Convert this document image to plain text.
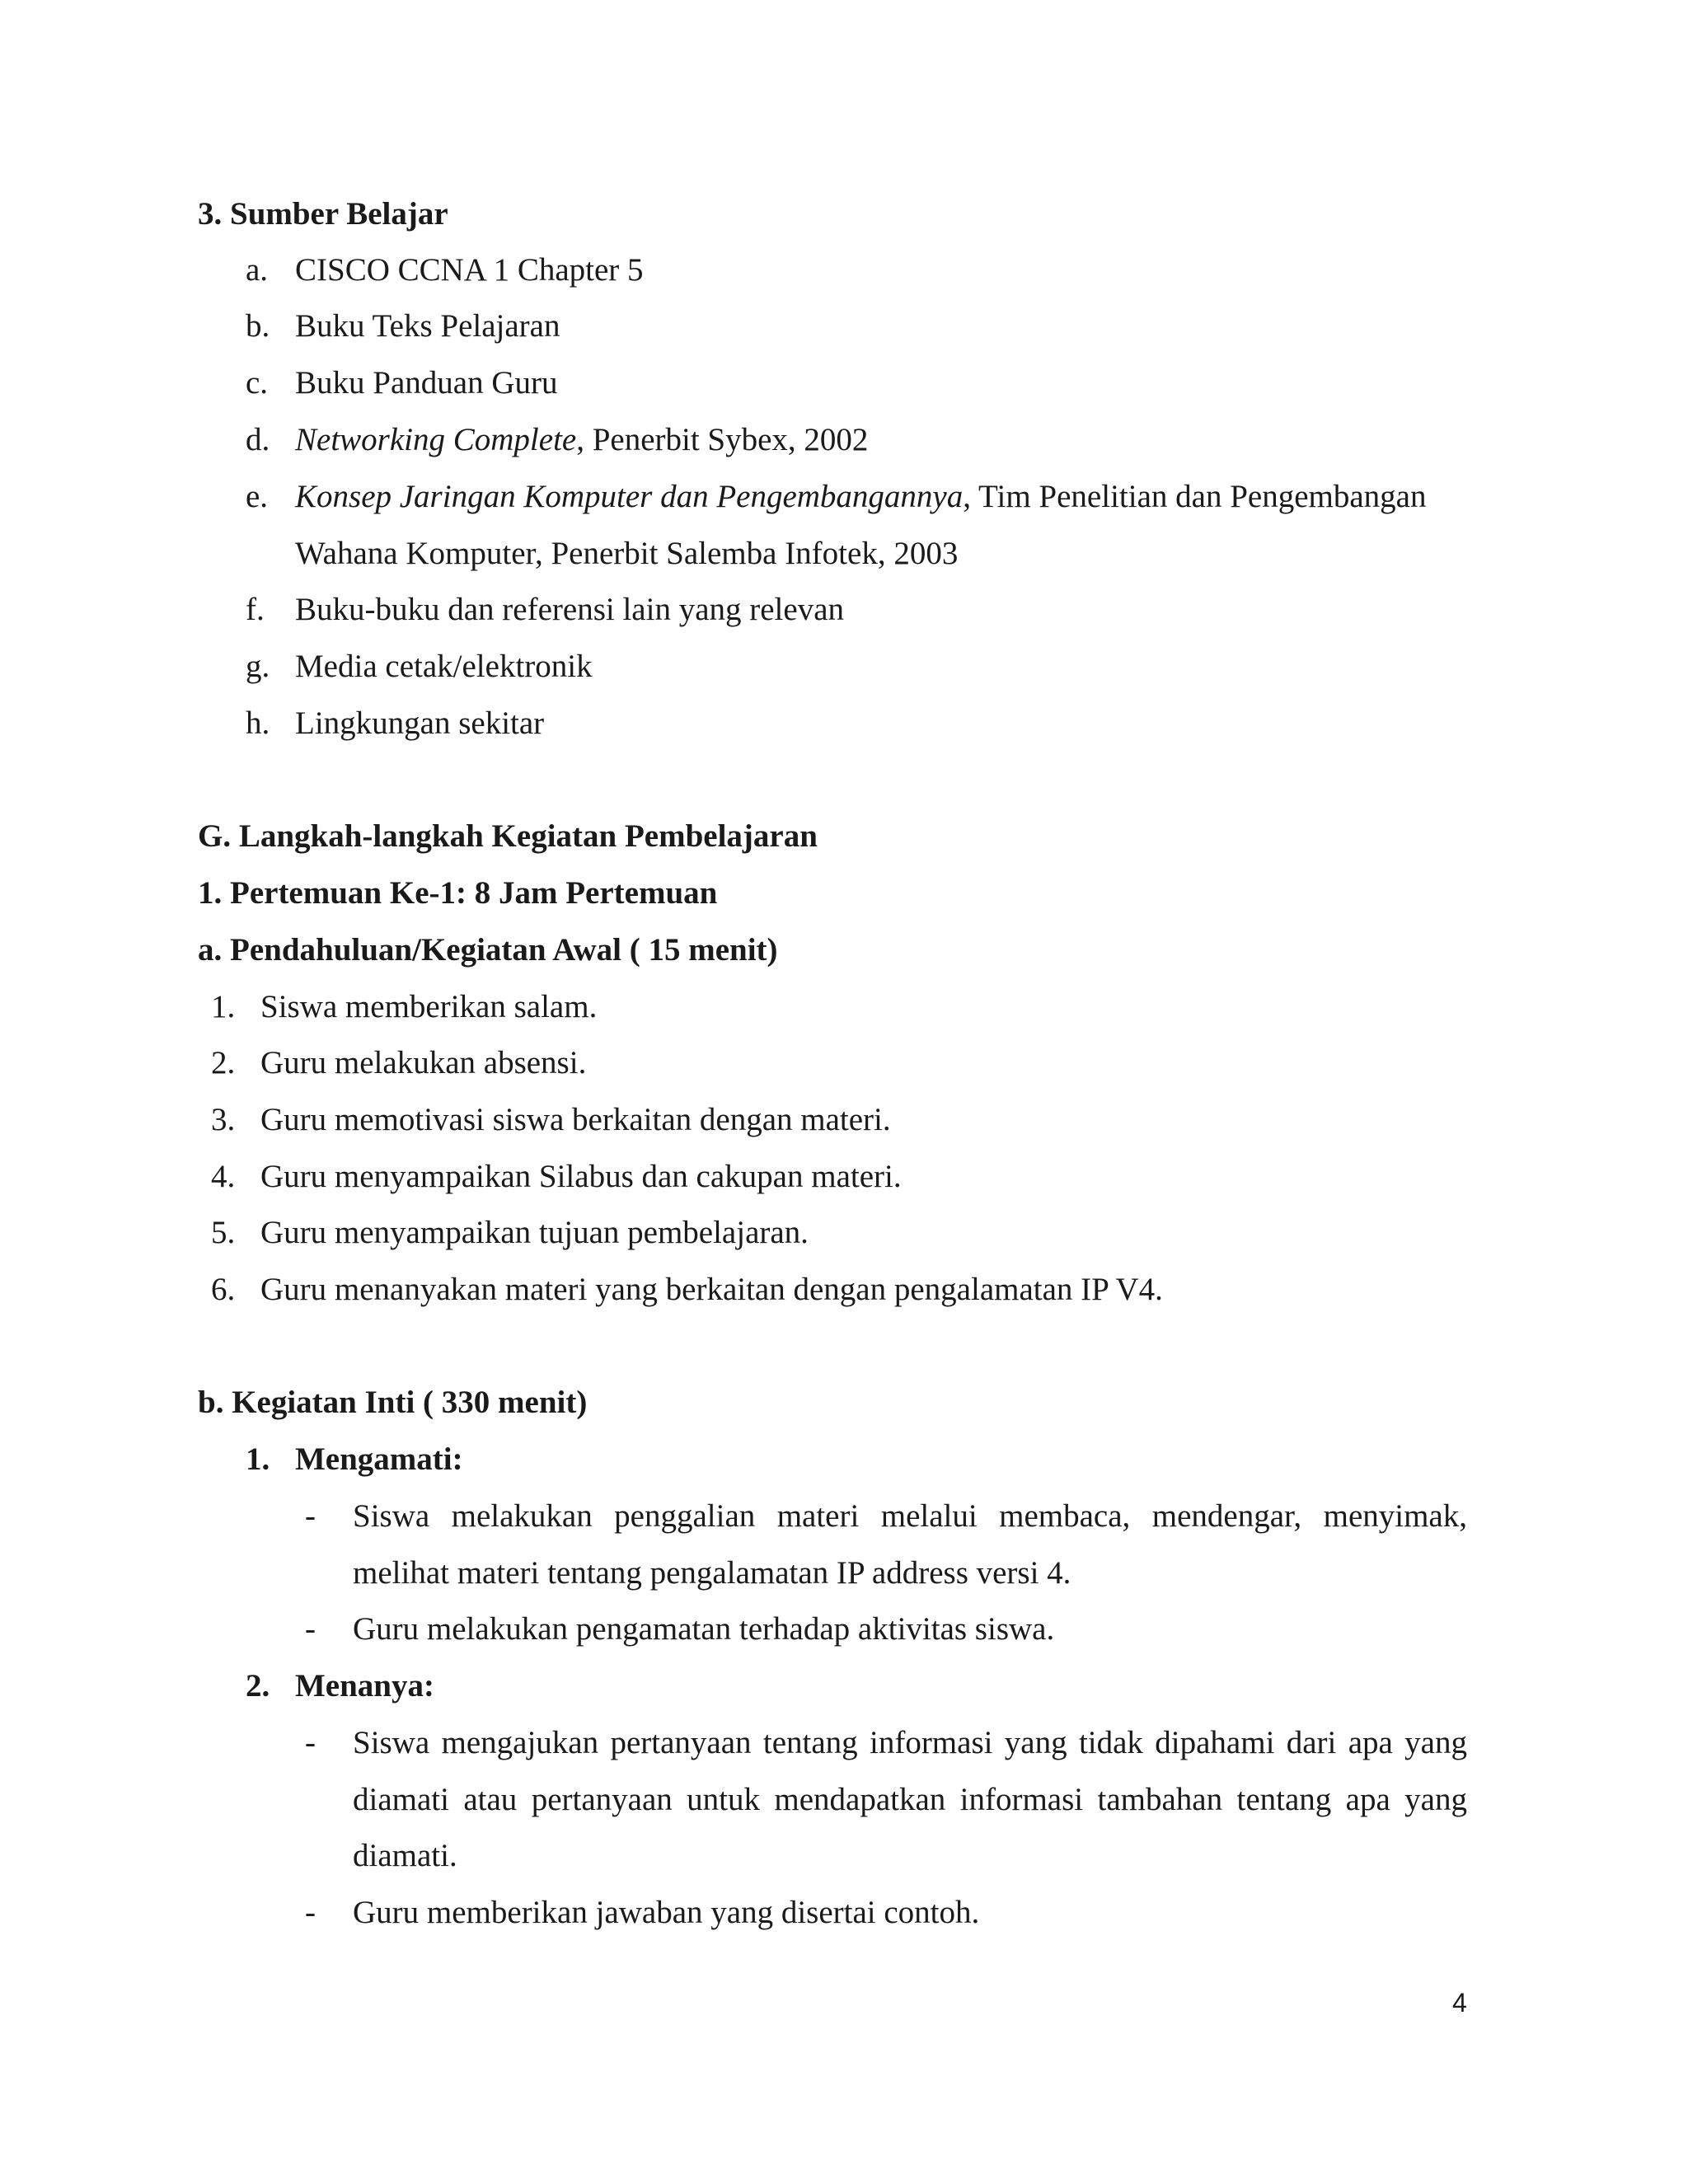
3. Sumber Belajar
a. CISCO CCNA 1 Chapter 5
b. Buku Teks Pelajaran
c. Buku Panduan Guru
d. Networking Complete, Penerbit Sybex, 2002
e. Konsep Jaringan Komputer dan Pengembangannya, Tim Penelitian dan Pengembangan
Wahana Komputer, Penerbit Salemba Infotek, 2003
f. Buku-buku dan referensi lain yang relevan
g. Media cetak/elektronik
h. Lingkungan sekitar
G. Langkah-langkah Kegiatan Pembelajaran
1. Pertemuan Ke-1: 8 Jam Pertemuan
a. Pendahuluan/Kegiatan Awal ( 15 menit)
1. Siswa memberikan salam.
2. Guru melakukan absensi.
3. Guru memotivasi siswa berkaitan dengan materi.
4. Guru menyampaikan Silabus dan cakupan materi.
5. Guru menyampaikan tujuan pembelajaran.
6. Guru menanyakan materi yang berkaitan dengan pengalamatan IP V4.
b. Kegiatan Inti ( 330 menit)
1. Mengamati:
- Siswa melakukan penggalian materi melalui membaca, mendengar, menyimak,
melihat materi tentang pengalamatan IP address versi 4.
- Guru melakukan pengamatan terhadap aktivitas siswa.
2. Menanya:
- Siswa mengajukan pertanyaan tentang informasi yang tidak dipahami dari apa yang
diamati atau pertanyaan untuk mendapatkan informasi tambahan tentang apa yang
diamati.
- Guru memberikan jawaban yang disertai contoh.
4
